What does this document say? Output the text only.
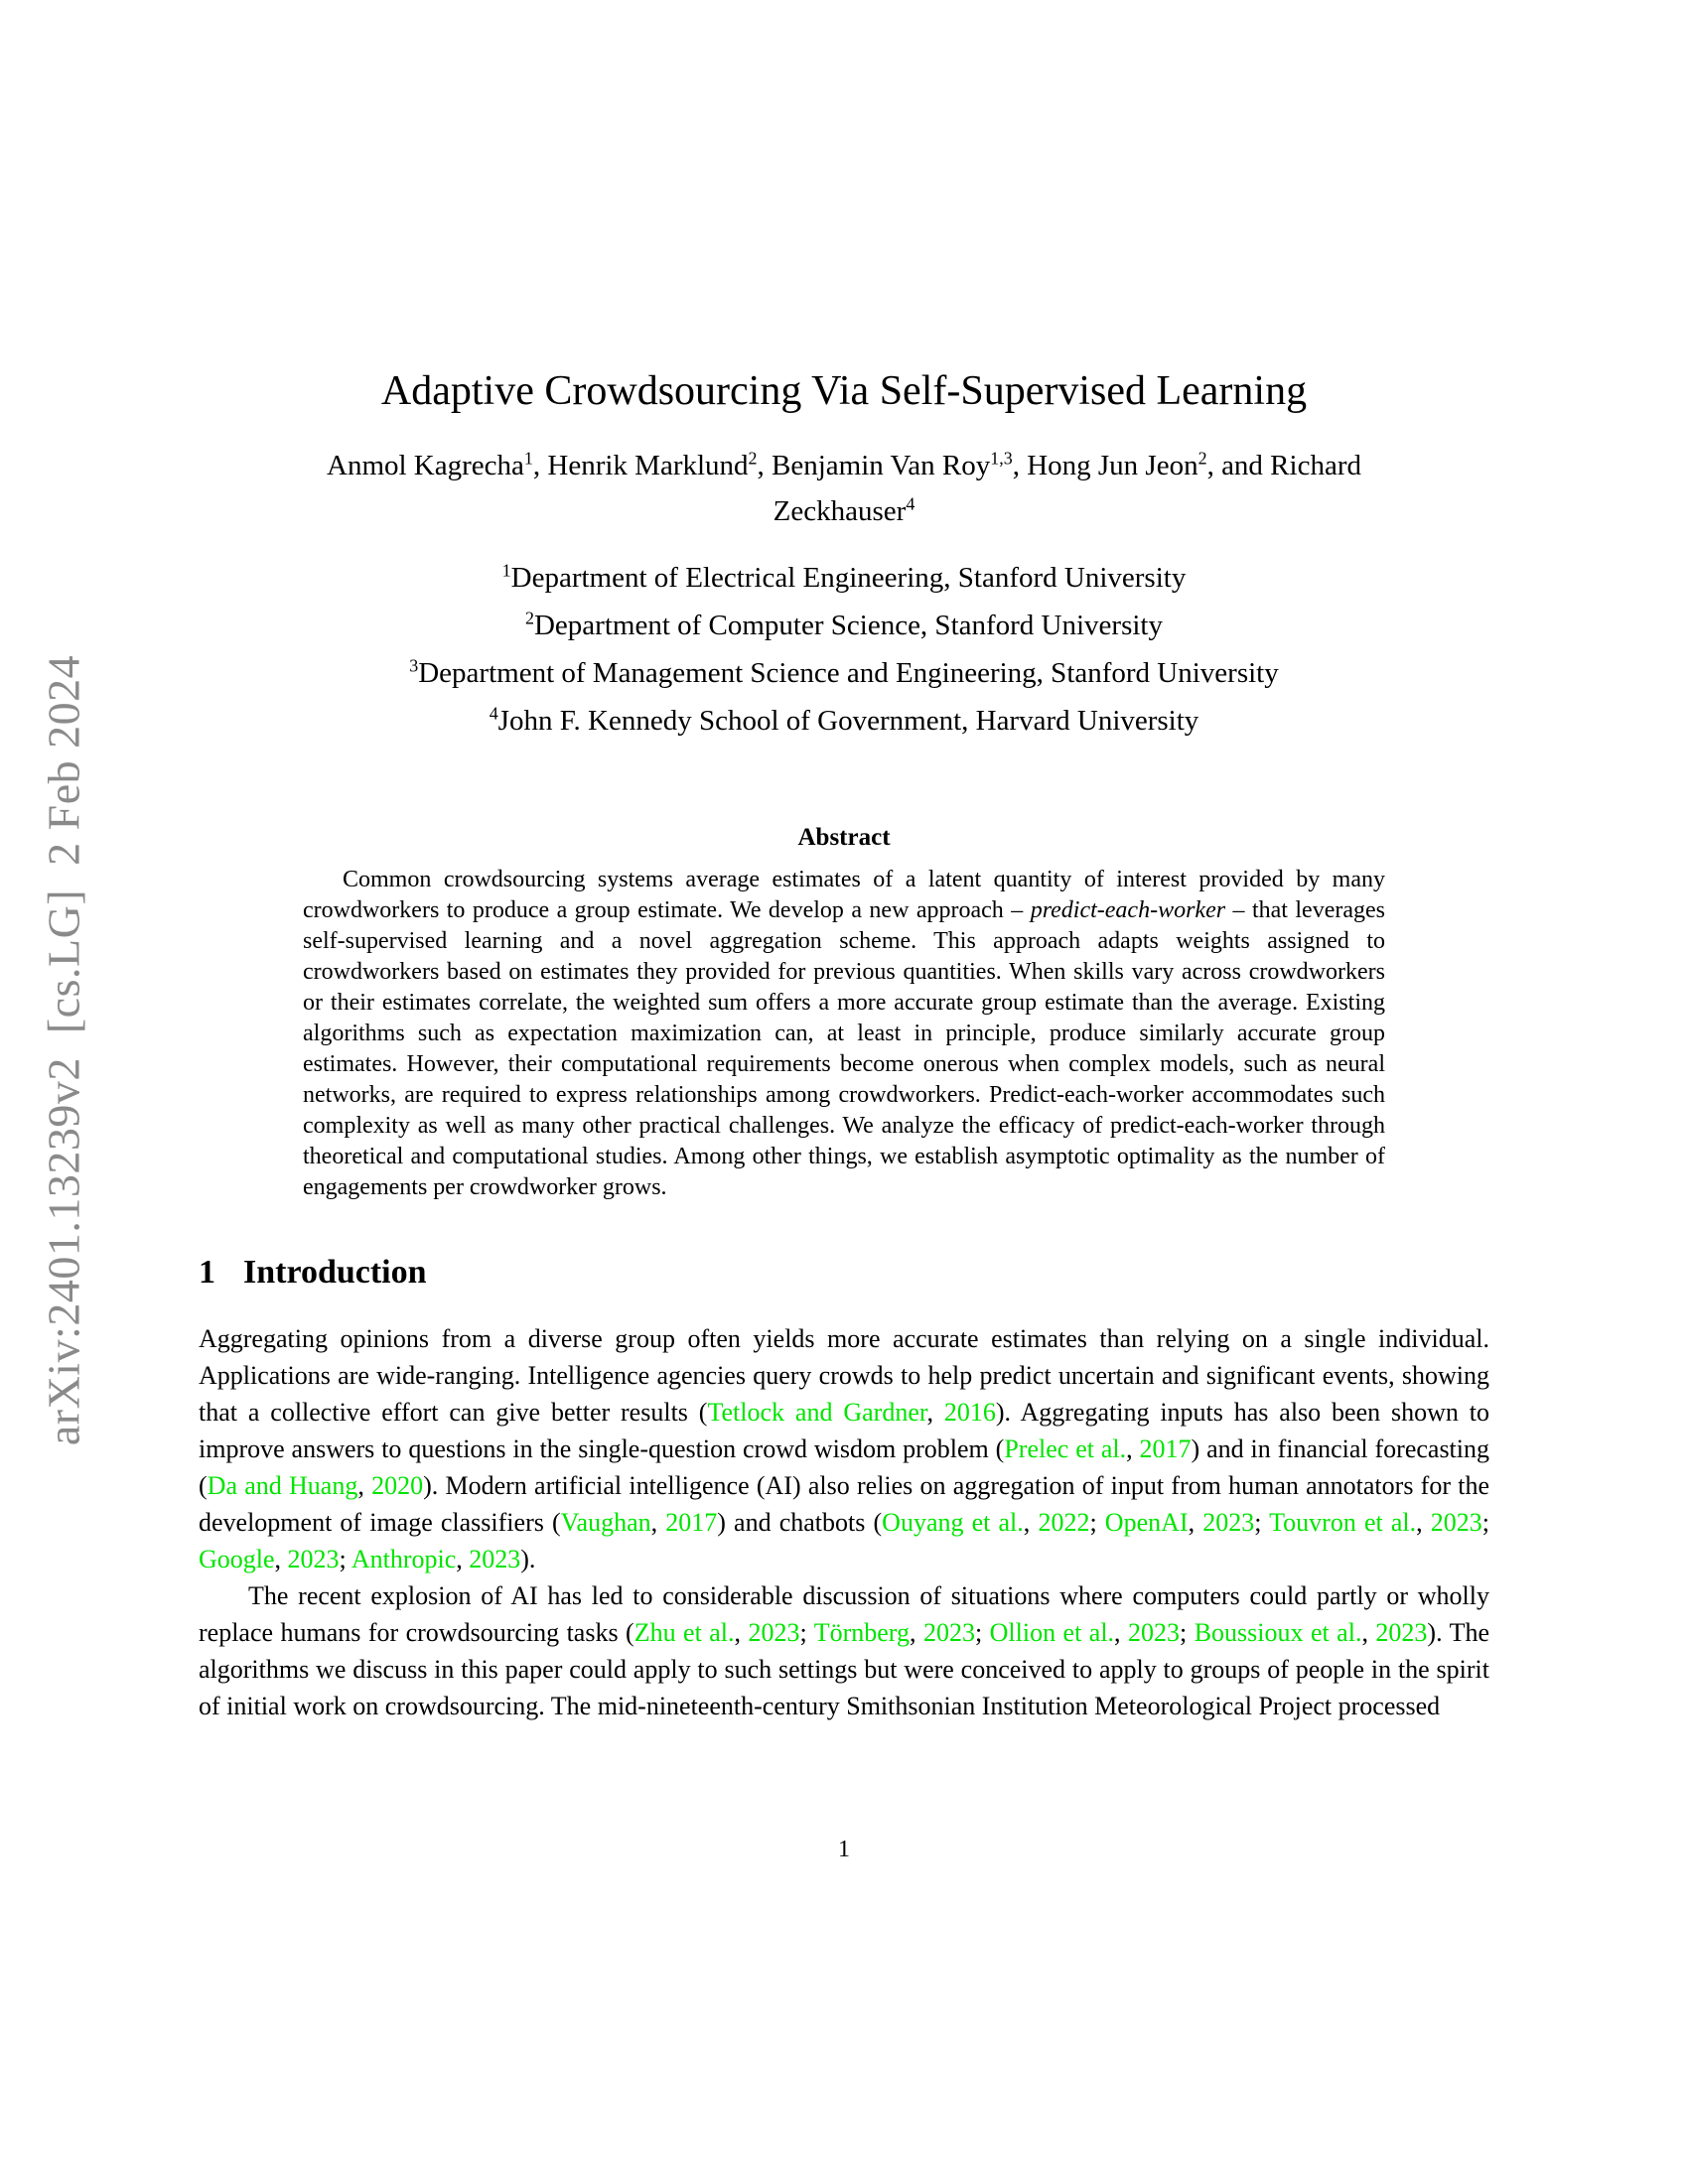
arXiv:2401.13239v2  [cs.LG]  2 Feb 2024
Adaptive Crowdsourcing Via Self-Supervised Learning
Anmol Kagrecha$^1$, Henrik Marklund$^2$, Benjamin Van Roy$^{1,3}$, Hong Jun Jeon$^2$, and Richard Zeckhauser$^4$
$^1$Department of Electrical Engineering, Stanford University
$^2$Department of Computer Science, Stanford University
$^3$Department of Management Science and Engineering, Stanford University
$^4$John F. Kennedy School of Government, Harvard University
Abstract

Common crowdsourcing systems average estimates of a latent quantity of interest provided by many crowdworkers to produce a group estimate. We develop a new approach – predict-each-worker – that leverages self-supervised learning and a novel aggregation scheme. This approach adapts weights assigned to crowdworkers based on estimates they provided for previous quantities. When skills vary across crowdworkers or their estimates correlate, the weighted sum offers a more accurate group estimate than the average. Existing algorithms such as expectation maximization can, at least in principle, produce similarly accurate group estimates. However, their computational requirements become onerous when complex models, such as neural networks, are required to express relationships among crowdworkers. Predict-each-worker accommodates such complexity as well as many other practical challenges. We analyze the efficacy of predict-each-worker through theoretical and computational studies. Among other things, we establish asymptotic optimality as the number of engagements per crowdworker grows.

1 Introduction

Aggregating opinions from a diverse group often yields more accurate estimates than relying on a single individual. Applications are wide-ranging. Intelligence agencies query crowds to help predict uncertain and significant events, showing that a collective effort can give better results (Tetlock and Gardner, 2016). Aggregating inputs has also been shown to improve answers to questions in the single-question crowd wisdom problem (Prelec et al., 2017) and in financial forecasting (Da and Huang, 2020). Modern artificial intelligence (AI) also relies on aggregation of input from human annotators for the development of image classifiers (Vaughan, 2017) and chatbots (Ouyang et al., 2022; OpenAI, 2023; Touvron et al., 2023; Google, 2023; Anthropic, 2023).

The recent explosion of AI has led to considerable discussion of situations where computers could partly or wholly replace humans for crowdsourcing tasks (Zhu et al., 2023; Törnberg, 2023; Ollion et al., 2023; Boussioux et al., 2023). The algorithms we discuss in this paper could apply to such settings but were conceived to apply to groups of people in the spirit of initial work on crowdsourcing. The mid-nineteenth-century Smithsonian Institution Meteorological Project processed

1
